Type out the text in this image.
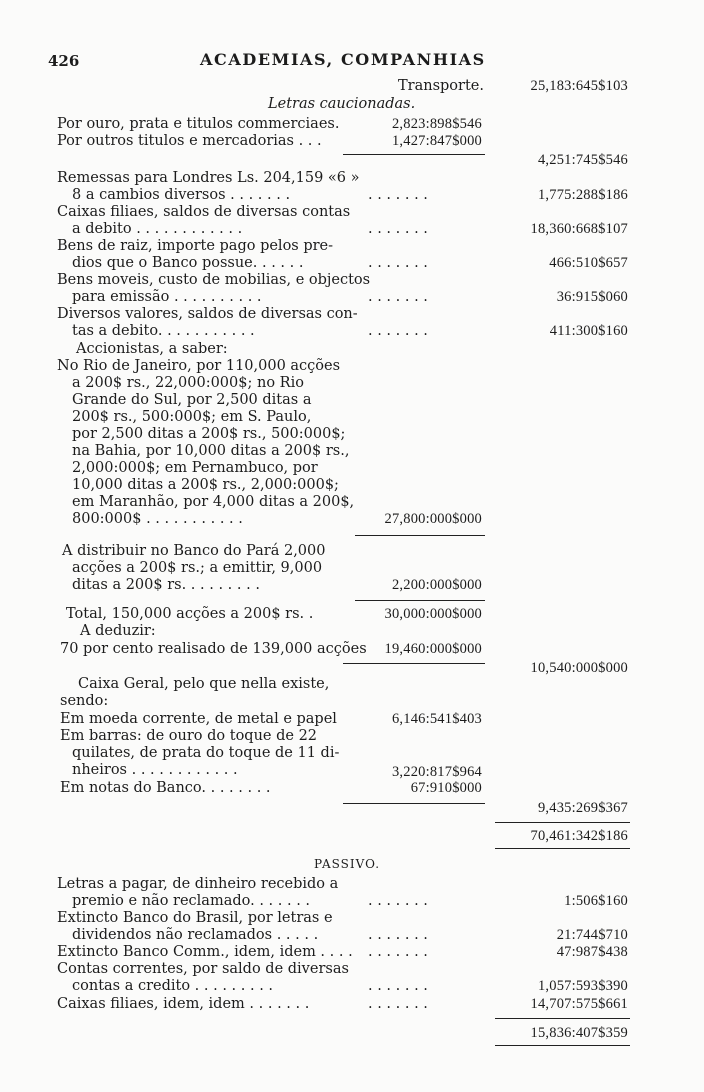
426	ACADEMIAS, COMPANHIAS
Transporte.	25,183:645$103
Letras caucionadas.
Por ouro, prata e titulos commerciaes.	2,823:898$546
Por outros titulos e mercadorias . . .	1,427:847$000
4,251:745$546
Remessas para Londres Ls. 204,159 «6 »
8 a cambios diversos . . . . . . .	. . . . . . .	1,775:288$186
Caixas filiaes, saldos de diversas contas
a debito . . . . . . . . . . . .	. . . . . . .	18,360:668$107
Bens de raiz, importe pago pelos pre-
dios que o Banco possue. . . . . .	. . . . . . .	466:510$657
Bens moveis, custo de mobilias, e objectos
para emissão . . . . . . . . . .	. . . . . . .	36:915$060
Diversos valores, saldos de diversas con-
tas a debito. . . . . . . . . . .	. . . . . . .	411:300$160
Accionistas, a saber:
No Rio de Janeiro, por 110,000 acções
a 200$ rs., 22,000:000$; no Rio
Grande do Sul, por 2,500 ditas a
200$ rs., 500:000$; em S. Paulo,
por 2,500 ditas a 200$ rs., 500:000$;
na Bahia, por 10,000 ditas a 200$ rs.,
2,000:000$; em Pernambuco, por
10,000 ditas a 200$ rs., 2,000:000$;
em Maranhão, por 4,000 ditas a 200$,
800:000$ . . . . . . . . . . .	27,800:000$000
A distribuir no Banco do Pará 2,000
acções a 200$ rs.; a emittir, 9,000
ditas a 200$ rs. . . . . . . . .	2,200:000$000
Total, 150,000 acções a 200$ rs. .	30,000:000$000
A deduzir:
70 por cento realisado de 139,000 acções	19,460:000$000
10,540:000$000
Caixa Geral, pelo que nella existe,
sendo:
Em moeda corrente, de metal e papel	6,146:541$403
Em barras: de ouro do toque de 22
quilates, de prata do toque de 11 di-
nheiros . . . . . . . . . . . .	3,220:817$964
Em notas do Banco. . . . . . . .	67:910$000
9,435:269$367
70,461:342$186
PASSIVO.
Letras a pagar, de dinheiro recebido a
premio e não reclamado. . . . . . .	. . . . . . .	1:506$160
Extincto Banco do Brasil, por letras e
dividendos não reclamados . . . . .	. . . . . . .	21:744$710
Extincto Banco Comm., idem, idem . . . . . . . . . . .	47:987$438
Contas correntes, por saldo de diversas
contas a credito . . . . . . . . .	. . . . . . .	1,057:593$390
Caixas filiaes, idem, idem . . . . . . .	. . . . . . .	14,707:575$661
15,836:407$359
